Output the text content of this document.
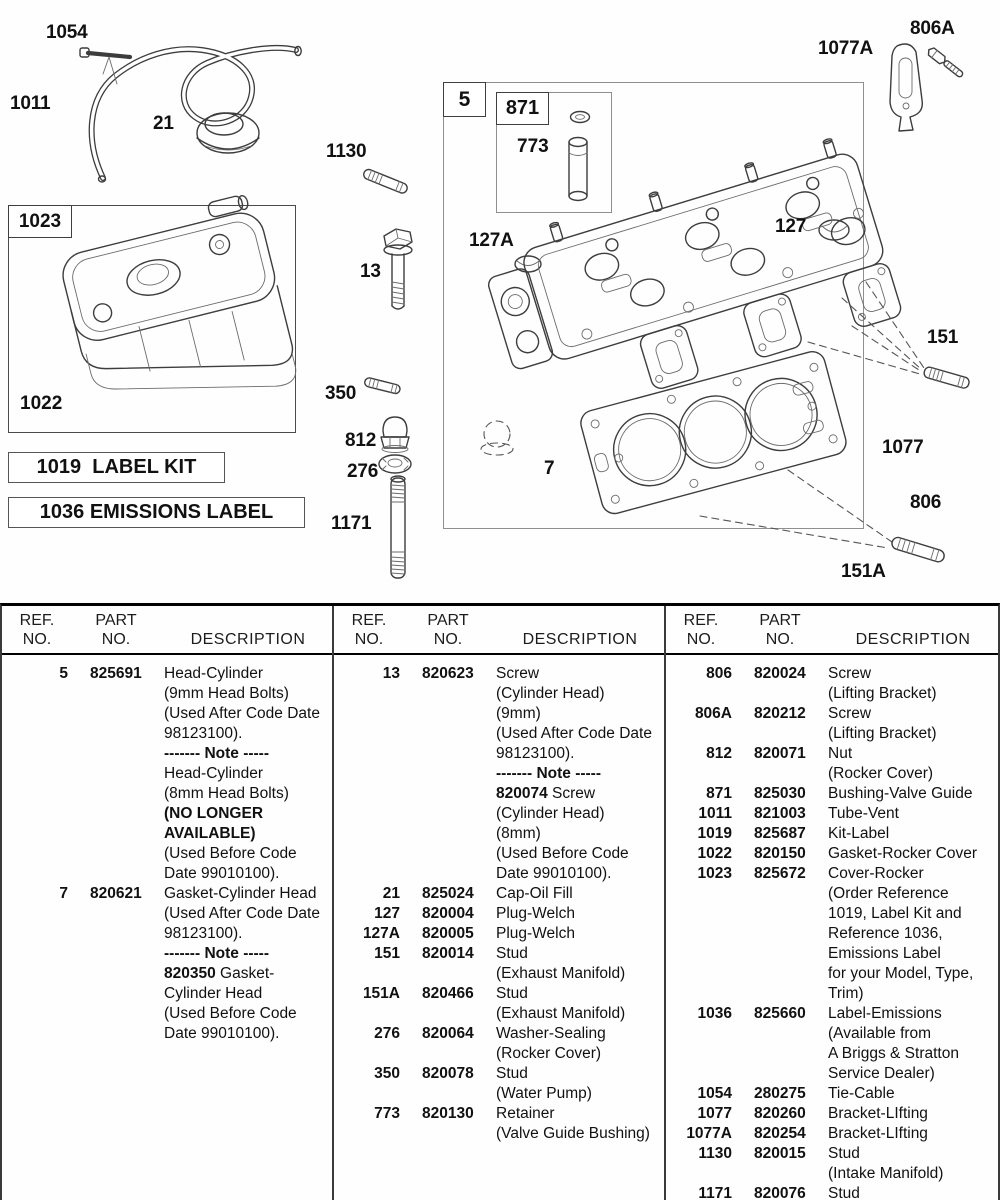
5 871
773
1023
1022
1019  LABEL KIT
1036 EMISSIONS LABEL
1054
1011
21
1130
13
350
812
276
1171
127A
127
1077A
806A
151
1077
806
151A
7
REF.
NO.
PART
NO.	DESCRIPTION
5	825691	Head-Cylinder
(9mm Head Bolts)
(Used After Code Date
98123100).
------- Note -----
Head-Cylinder
(8mm Head Bolts)
(NO LONGER
AVAILABLE)
(Used Before Code
Date 99010100).
7	820621	Gasket-Cylinder Head
(Used After Code Date
98123100).
------- Note -----
820350 Gasket-
Cylinder Head
(Used Before Code
Date 99010100).
REF.
NO.
PART
NO.	DESCRIPTION
13	820623	Screw
(Cylinder Head)
(9mm)
(Used After Code Date
98123100).
------- Note -----
820074 Screw
(Cylinder Head)
(8mm)
(Used Before Code
Date 99010100).
21	825024	Cap-Oil Fill
127	820004	Plug-Welch
127A	820005	Plug-Welch
151	820014	Stud
(Exhaust Manifold)
151A	820466	Stud
(Exhaust Manifold)
276	820064	Washer-Sealing
(Rocker Cover)
350	820078	Stud
(Water Pump)
773	820130	Retainer
(Valve Guide Bushing)
REF.
NO.
PART
NO.	DESCRIPTION
806	820024	Screw
(Lifting Bracket)
806A	820212	Screw
(Lifting Bracket)
812	820071	Nut
(Rocker Cover)
871	825030	Bushing-Valve Guide
1011	821003	Tube-Vent
1019	825687	Kit-Label
1022	820150	Gasket-Rocker Cover
1023	825672	Cover-Rocker
(Order Reference
1019, Label Kit and
Reference 1036,
Emissions Label
for your Model, Type,
Trim)
1036	825660	Label-Emissions
(Available from
A Briggs & Stratton
Service Dealer)
1054	280275	Tie-Cable
1077	820260	Bracket-LIfting
1077A	820254	Bracket-LIfting
1130	820015	Stud
(Intake Manifold)
1171	820076	Stud
